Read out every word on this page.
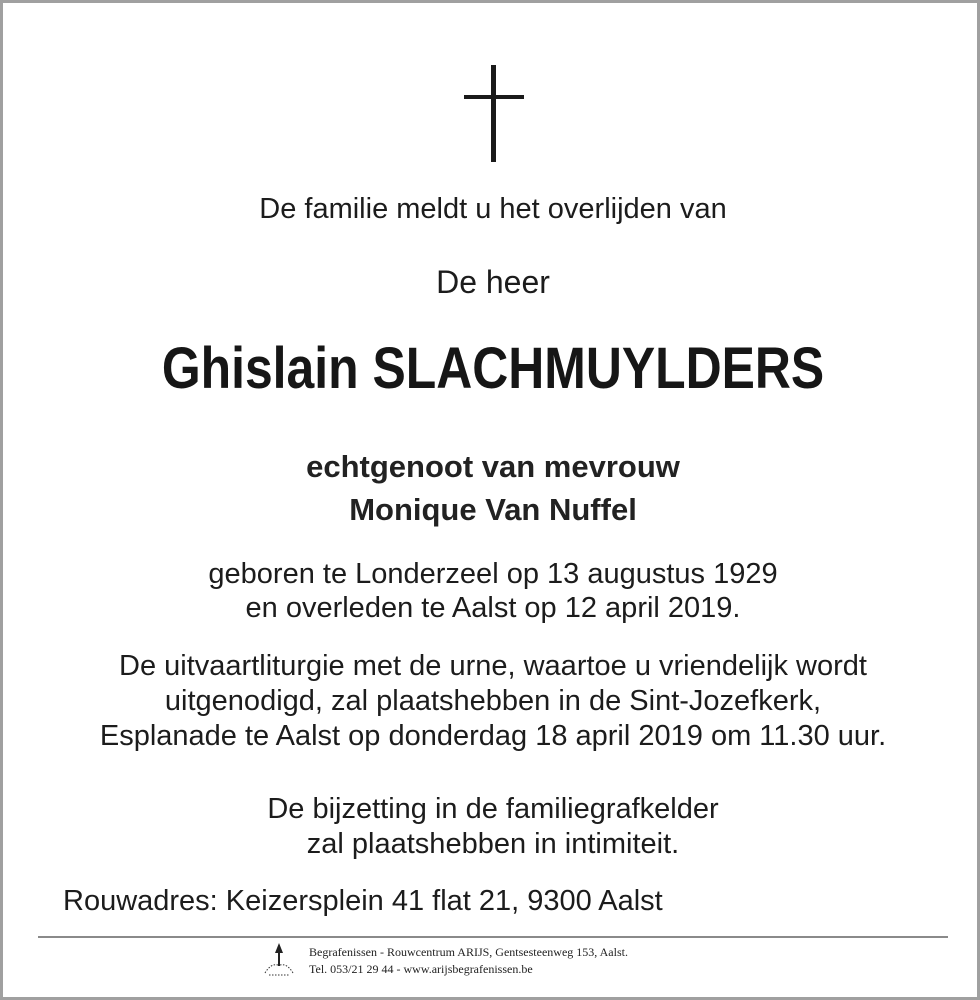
De familie meldt u het overlijden van
De heer
Ghislain SLACHMUYLDERS
echtgenoot van mevrouw
Monique Van Nuffel
geboren te Londerzeel op 13 augustus 1929
en overleden te Aalst op 12 april 2019.
De uitvaartliturgie met de urne, waartoe u vriendelijk wordt
uitgenodigd, zal plaatshebben in de Sint-Jozefkerk,
Esplanade te Aalst op donderdag 18 april 2019 om 11.30 uur.
De bijzetting in de familiegrafkelder
zal plaatshebben in intimiteit.
Rouwadres: Keizersplein 41 flat 21, 9300 Aalst
Begrafenissen - Rouwcentrum ARIJS, Gentsesteenweg 153, Aalst.
Tel. 053/21 29 44 - www.arijsbegrafenissen.be
